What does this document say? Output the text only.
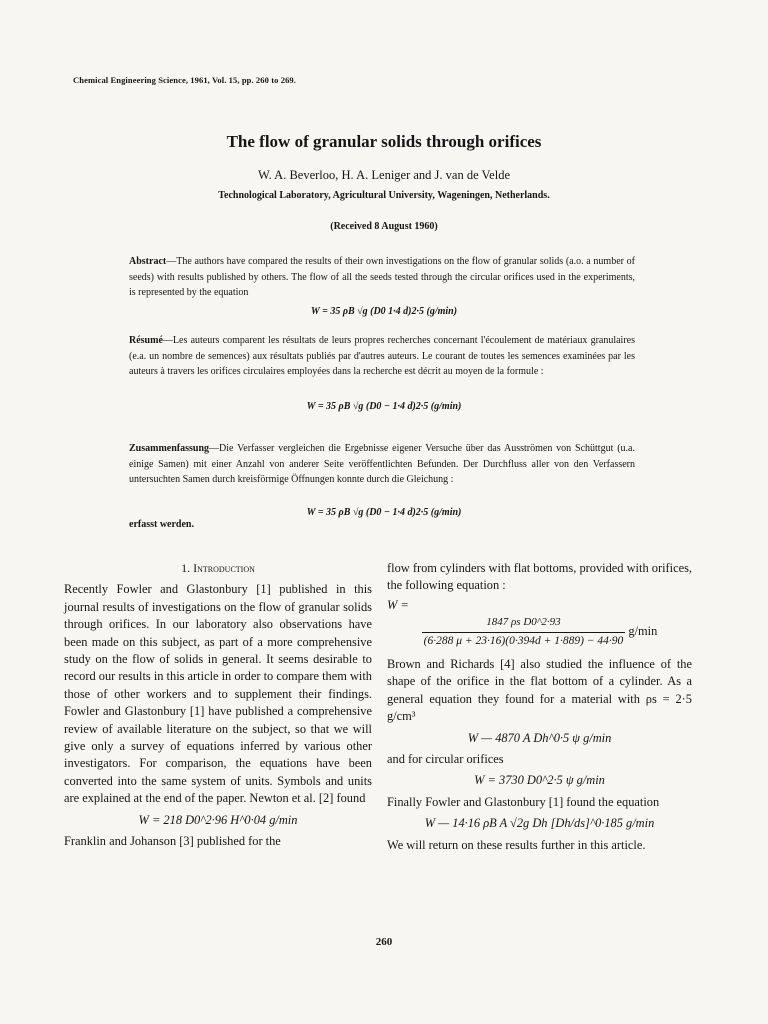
Chemical Engineering Science, 1961, Vol. 15, pp. 260 to 269.
The flow of granular solids through orifices
W. A. Beverloo, H. A. Leniger and J. van de Velde
Technological Laboratory, Agricultural University, Wageningen, Netherlands.
(Received 8 August 1960)
Abstract—The authors have compared the results of their own investigations on the flow of granular solids (a.o. a number of seeds) with results published by others. The flow of all the seeds tested through the circular orifices used in the experiments, is represented by the equation
W = 35 ρB √g (D0 1·4 d)2·5 (g/min)
Résumé—Les auteurs comparent les résultats de leurs propres recherches concernant l'écoulement de matériaux granulaires (e.a. un nombre de semences) aux résultats publiés par d'autres auteurs. Le courant de toutes les semences examinées par les auteurs à travers les orifices circulaires employées dans la recherche est décrit au moyen de la formule :
W = 35 ρB √g (D0 − 1·4 d)2·5 (g/min)
Zusammenfassung—Die Verfasser vergleichen die Ergebnisse eigener Versuche über das Ausströmen von Schüttgut (u.a. einige Samen) mit einer Anzahl von anderer Seite veröffentlichten Befunden. Der Durchfluss aller von den Verfassern untersuchten Samen durch kreisförmige Öffnungen konnte durch die Gleichung :
W = 35 ρB √g (D0 − 1·4 d)2·5 (g/min)
erfasst werden.
1. Introduction

Recently Fowler and Glastonbury [1] published in this journal results of investigations on the flow of granular solids through orifices. In our laboratory also observations have been made on this subject, as part of a more comprehensive study on the flow of solids in general. It seems desirable to record our results in this article in order to compare them with those of other workers and to supplement their findings. Fowler and Glastonbury [1] have published a comprehensive review of available literature on the subject, so that we will give only a survey of equations inferred by various other investigators. For comparison, the equations have been converted into the same system of units. Symbols and units are explained at the end of the paper. Newton et al. [2] found

W = 218 D0^2·96 H^0·04 g/min

Franklin and Johanson [3] published for the

flow from cylinders with flat bottoms, provided with orifices, the following equation :

W =
$\frac{\text{1847 ρs D0\textasciicircum{}2·93}}{(6\cdot 288 \mu + 23\cdot 16)(0\cdot 394d + 1\cdot 889) - 44\cdot 90} g/\min$

Brown and Richards [4] also studied the influence of the shape of the orifice in the flat bottom of a cylinder. As a general equation they found for a material with ρs = 2·5 g/cm³

W — 4870 A Dh^0·5 ψ g/min

and for circular orifices

W = 3730 D0^2·5 ψ g/min

Finally Fowler and Glastonbury [1] found the equation

W — 14·16 ρB A √2g Dh [Dh/ds]^0·185 g/min

We will return on these results further in this article.

260
